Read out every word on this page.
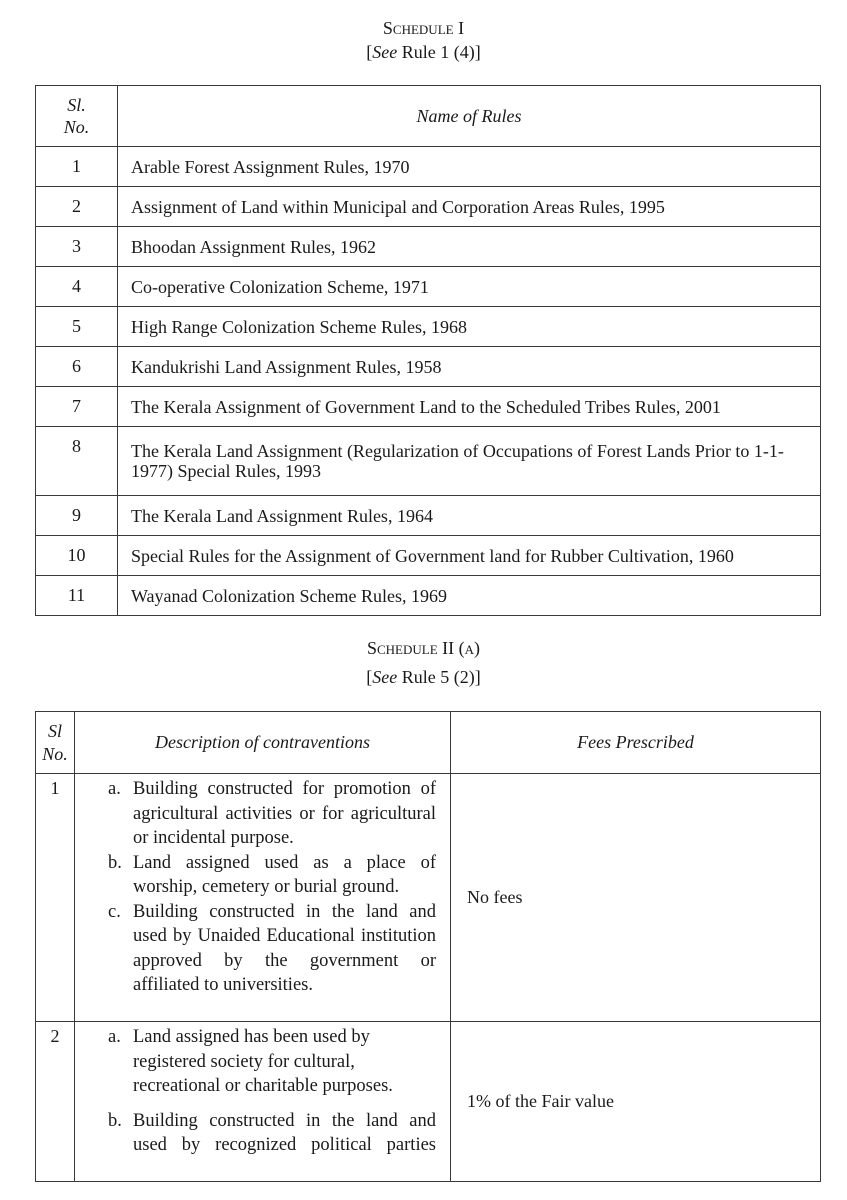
Schedule I
[See Rule 1 (4)]
Sl.
No.	Name of Rules
1	Arable Forest Assignment Rules, 1970
2	Assignment of Land within Municipal and Corporation Areas Rules, 1995
3	Bhoodan Assignment Rules, 1962
4	Co-operative Colonization Scheme, 1971
5	High Range Colonization Scheme Rules, 1968
6	Kandukrishi Land Assignment Rules, 1958
7	The Kerala Assignment of Government Land to the Scheduled Tribes Rules, 2001
8	The Kerala Land Assignment (Regularization of Occupations of Forest Lands Prior to 1-1-1977) Special Rules, 1993
9	The Kerala Land Assignment Rules, 1964
10	Special Rules for the Assignment of Government land for Rubber Cultivation, 1960
11	Wayanad Colonization Scheme Rules, 1969
Schedule II (a)
[See Rule 5 (2)]
Sl
No.	Description of contraventions	Fees Prescribed
1	a. Building constructed for promotion of agricultural activities or for agricultural or incidental purpose.
b. Land assigned used as a place of worship, cemetery or burial ground.
c. Building constructed in the land and used by Unaided Educational institution approved by the government or affiliated to universities.
	No fees
2	a. Land assigned has been used by registered society for cultural, recreational or charitable purposes.
b. Building constructed in the land and used by recognized political parties
	1% of the Fair value
